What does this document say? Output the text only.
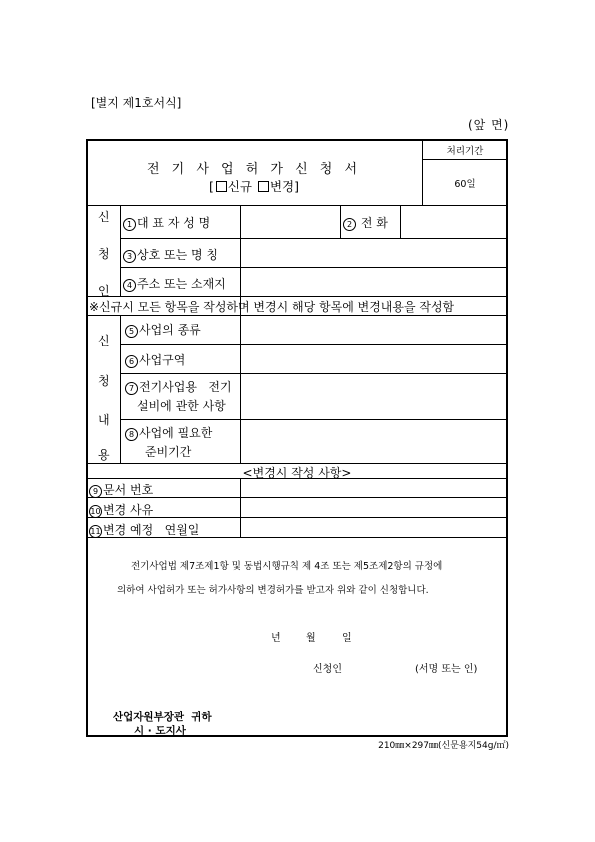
[별지 제1호서식]
(앞 면)
전 기 사 업 허 가 신 청 서
[ 신규 변경]
처리기간
60일
신
청
인
1 대 표 자 성 명	2 전 화
3 상호 또는 명 칭
4 주소 또는 소재지
※신규시 모든 항목을 작성하며 변경시 해당 항목에 변경내용을 작성함
신
청
내
용
5 사업의 종류
6 사업구역
7 전기사업용   전기
설비에 관한 사항
8 사업에 필요한
준비기간
<변경시 작성 사항>
9 문서 번호
10 변경 사유
11 변경 예정   연월일
전기사업법 제7조제1항 및 동법시행규칙 제 4조 또는 제5조제2항의 규정에
의하여 사업허가 또는 허가사항의 변경허가를 받고자 위와 같이 신청합니다.
년	월	일
신청인	(서명 또는 인)
산업자원부장관  귀하
시 · 도지사
210㎜×297㎜(신문용지54g/㎡)
